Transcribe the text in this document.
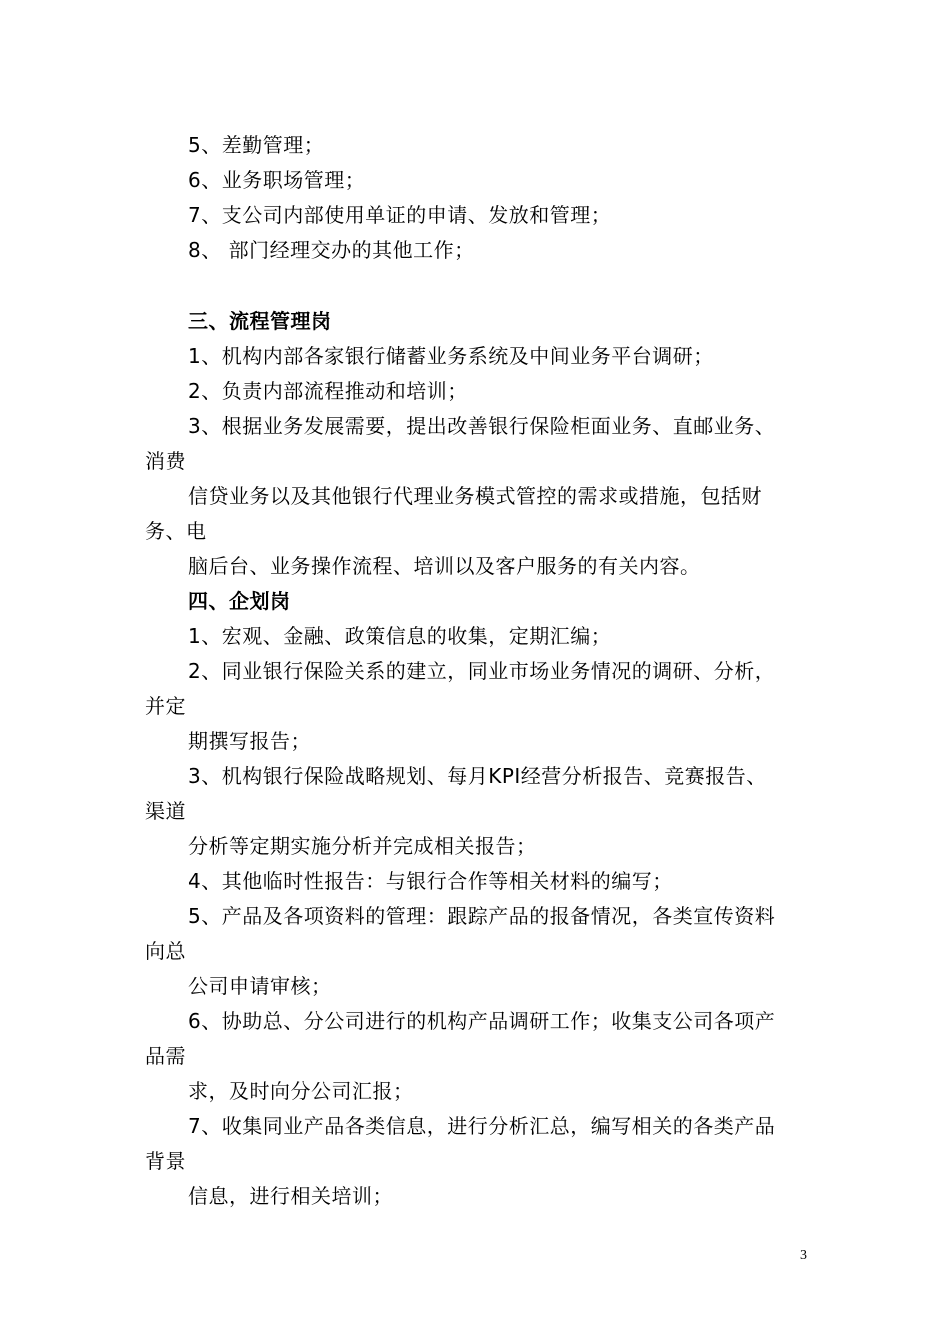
5、差勤管理；
6、业务职场管理；
7、支公司内部使用单证的申请、发放和管理；
8、 部门经理交办的其他工作；
三、流程管理岗
1、机构内部各家银行储蓄业务系统及中间业务平台调研；
2、负责内部流程推动和培训；
3、根据业务发展需要，提出改善银行保险柜面业务、直邮业务、
消费
信贷业务以及其他银行代理业务模式管控的需求或措施，包括财
务、电
脑后台、业务操作流程、培训以及客户服务的有关内容。
四、企划岗
1、宏观、金融、政策信息的收集，定期汇编；
2、同业银行保险关系的建立，同业市场业务情况的调研、分析，
并定
期撰写报告；
3、机构银行保险战略规划、每月KPI经营分析报告、竞赛报告、
渠道
分析等定期实施分析并完成相关报告；
4、其他临时性报告：与银行合作等相关材料的编写；
5、产品及各项资料的管理：跟踪产品的报备情况，各类宣传资料
向总
公司申请审核；
6、协助总、分公司进行的机构产品调研工作；收集支公司各项产
品需
求，及时向分公司汇报；
7、收集同业产品各类信息，进行分析汇总，编写相关的各类产品
背景
信息，进行相关培训；
3
